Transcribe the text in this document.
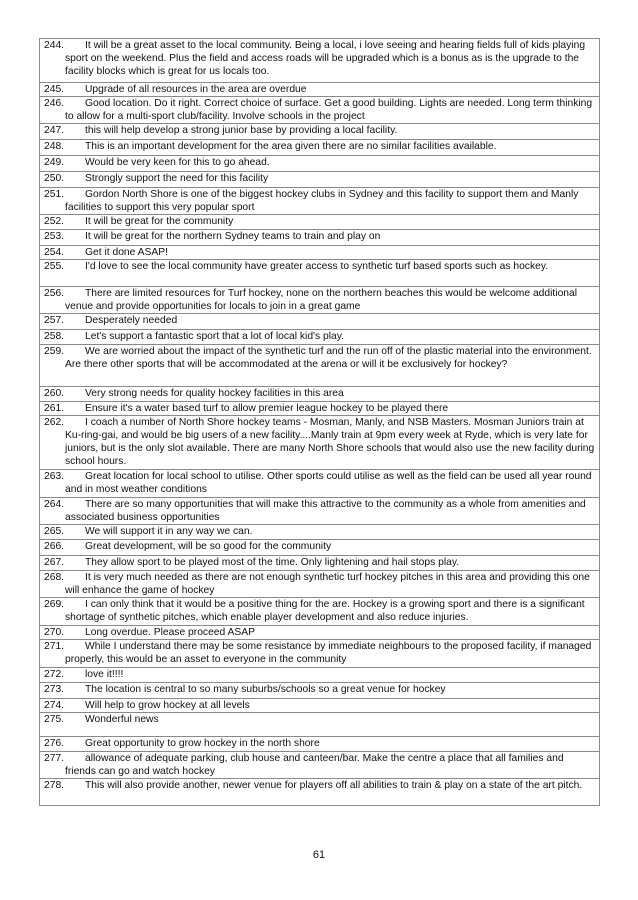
244. It will be a great asset to the local community. Being a local, i love seeing and hearing fields full of kids playing sport on the weekend. Plus the field and access roads will be upgraded which is a bonus as is the upgrade to the facility blocks which is great for us locals too.

245. Upgrade of all resources in the area are overdue

246. Good location. Do it right. Correct choice of surface. Get a good building. Lights are needed. Long term thinking to allow for a multi-sport club/facility. Involve schools in the project

247. this will help develop a strong junior base by providing a local facility.

248. This is an important development for the area given there are no similar facilities available.

249. Would be very keen for this to go ahead.

250. Strongly support the need for this facility

251. Gordon North Shore is one of the biggest hockey clubs in Sydney and this facility to support them and Manly facilities to support this very popular sport

252. It will be great for the community

253. It will be great for the northern Sydney teams to train and play on

254. Get it done ASAP!

255. I'd love to see the local community have greater access to synthetic turf based sports such as hockey.

256. There are limited resources for Turf hockey, none on the northern beaches this would be welcome additional venue and provide opportunities for locals to join in a great game

257. Desperately needed

258. Let's support a fantastic sport that a lot of local kid's play.

259. We are worried about the impact of the synthetic turf and the run off of the plastic material into the environment. Are there other sports that will be accommodated at the arena or will it be exclusively for hockey?

260. Very strong needs for quality hockey facilities in this area

261. Ensure it's a water based turf to allow premier league hockey to be played there

262. I coach a number of North Shore hockey teams - Mosman, Manly, and NSB Masters. Mosman Juniors train at Ku-ring-gai, and would be big users of a new facility....Manly train at 9pm every week at Ryde, which is very late for juniors, but is the only slot available. There are many North Shore schools that would also use the new facility during school hours.

263. Great location for local school to utilise. Other sports could utilise as well as the field can be used all year round and in most weather conditions

264. There are so many opportunities that will make this attractive to the community as a whole from amenities and associated business opportunities

265. We will support it in any way we can.

266. Great development, will be so good for the community

267. They allow sport to be played most of the time. Only lightening and hail stops play.

268. It is very much needed as there are not enough synthetic turf hockey pitches in this area and providing this one will enhance the game of hockey

269. I can only think that it would be a positive thing for the are. Hockey is a growing sport and there is a significant shortage of synthetic pitches, which enable player development and also reduce injuries.

270. Long overdue. Please proceed ASAP

271. While I understand there may be some resistance by immediate neighbours to the proposed facility, if managed properly, this would be an asset to everyone in the community

272. love it!!!!

273. The location is central to so many suburbs/schools so a great venue for hockey

274. Will help to grow hockey at all levels

275. Wonderful news

276. Great opportunity to grow hockey in the north shore

277. allowance of adequate parking, club house and canteen/bar. Make the centre a place that all families and friends can go and watch hockey

278. This will also provide another, newer venue for players off all abilities to train & play on a state of the art pitch.
61
